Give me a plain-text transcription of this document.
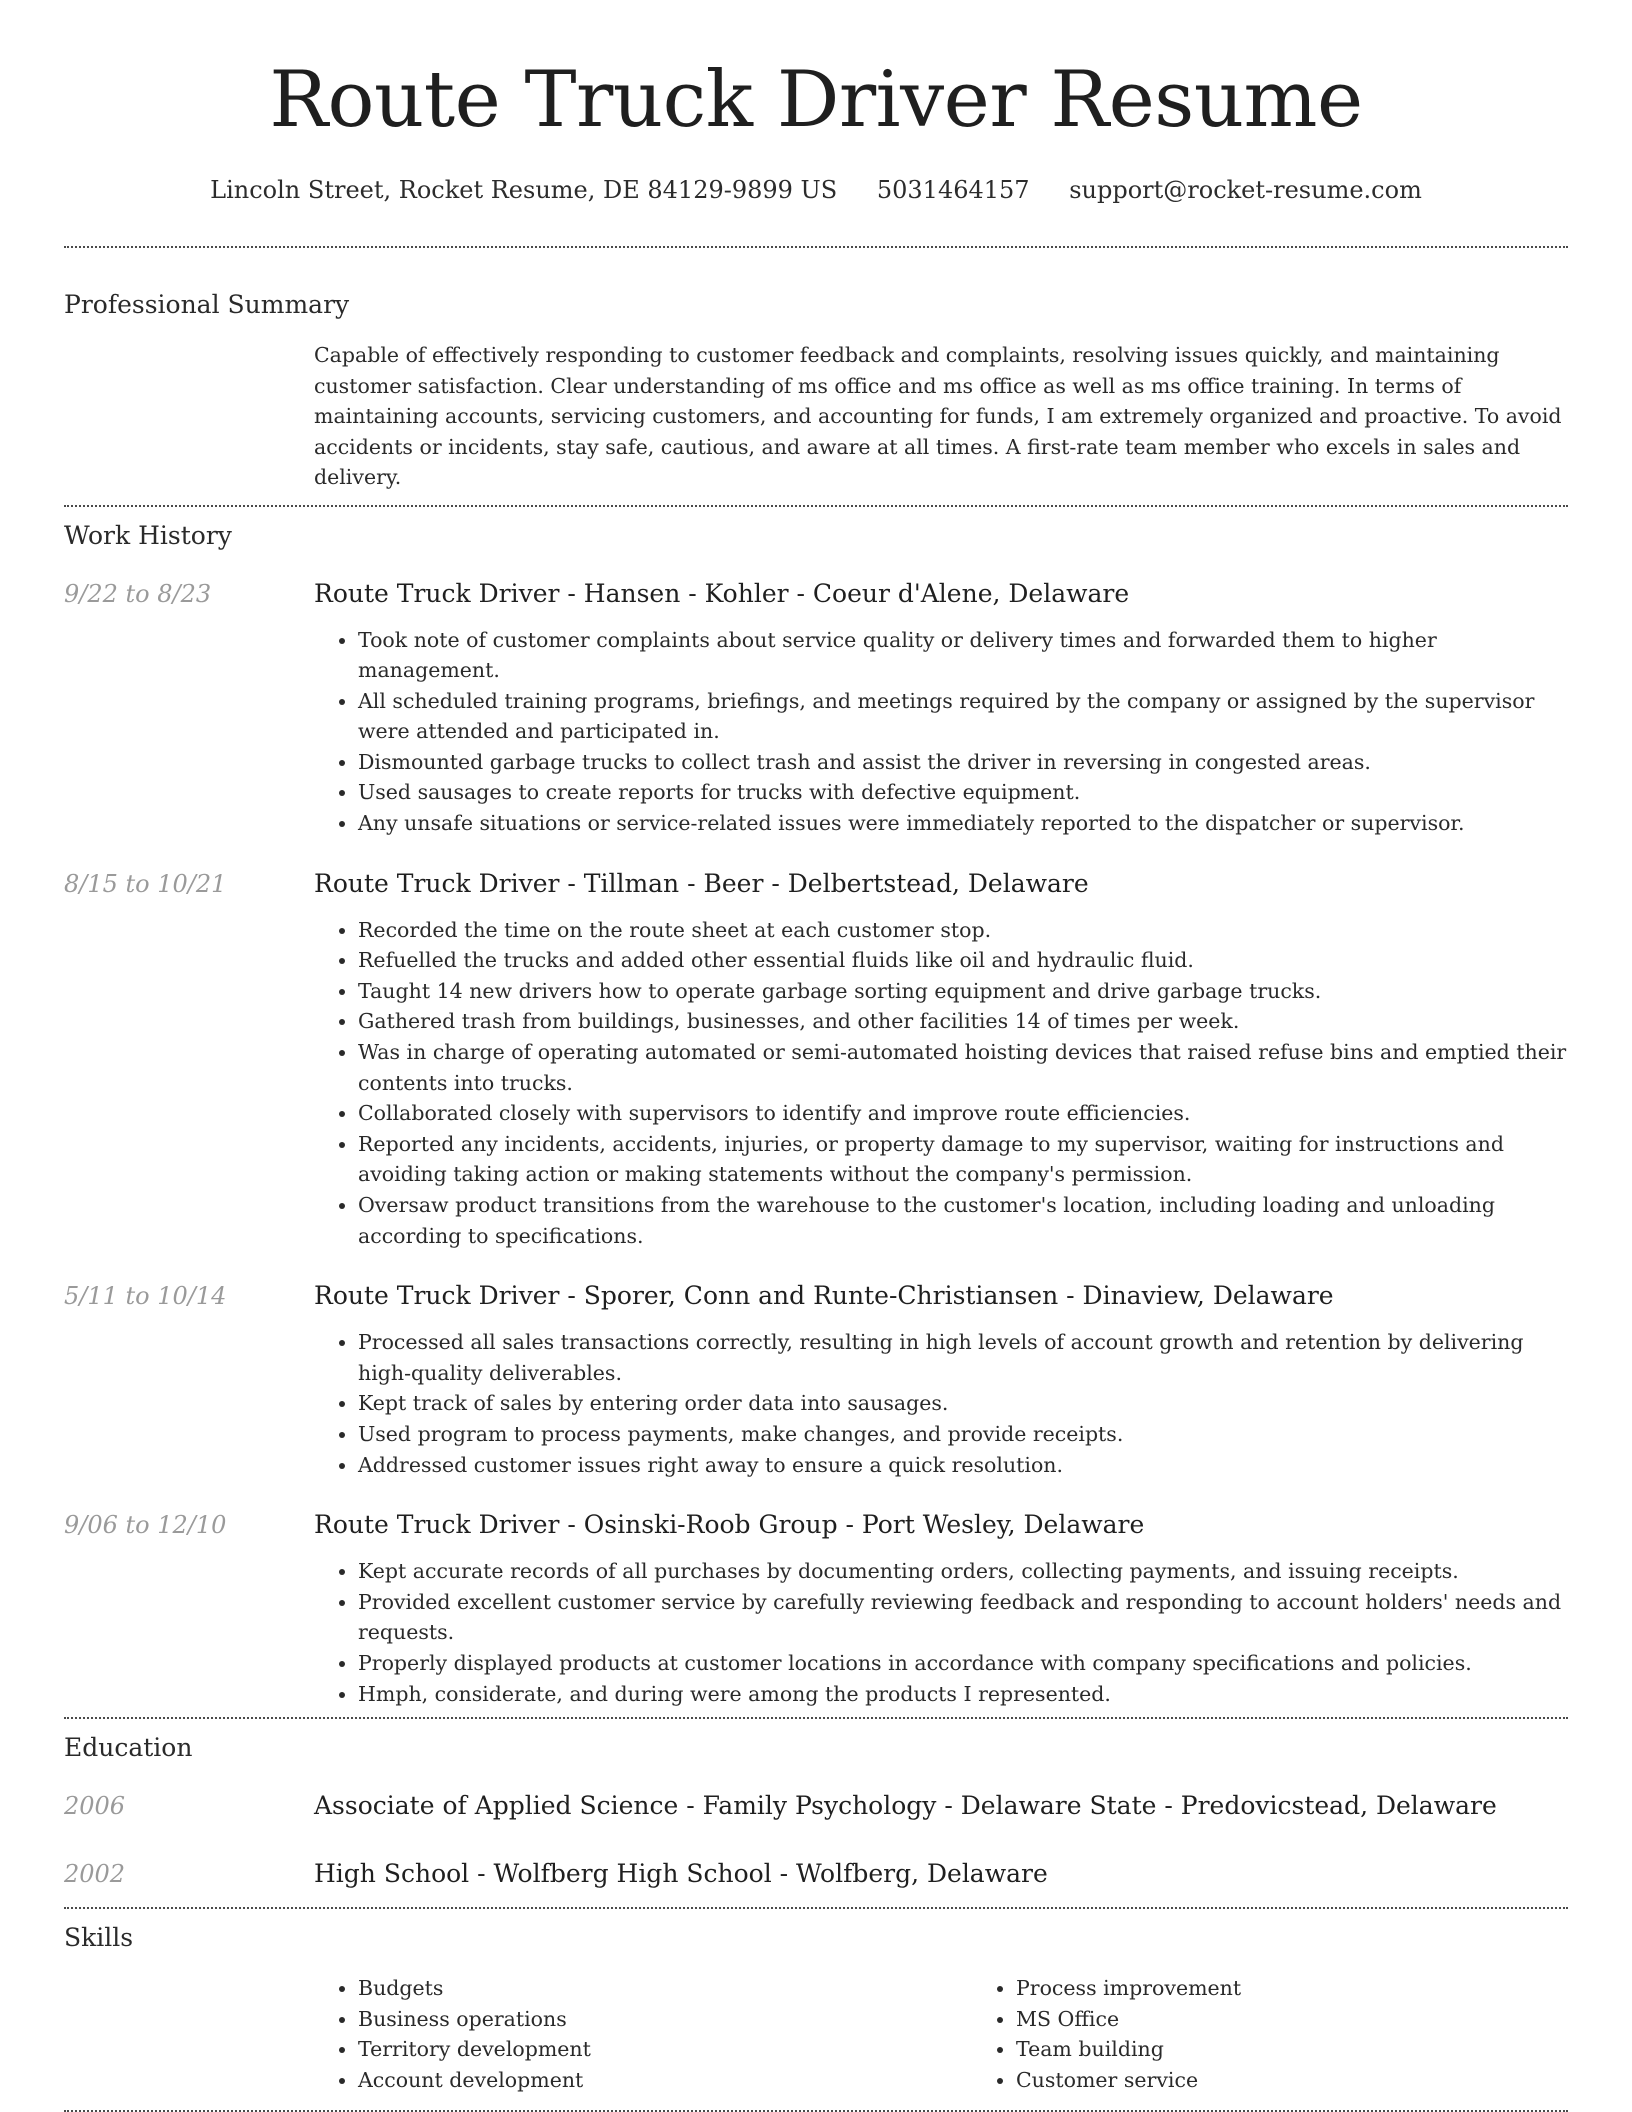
Route Truck Driver Resume
Lincoln Street, Rocket Resume, DE 84129-9899 US 5031464157 support@rocket-resume.com
Professional Summary

Capable of effectively responding to customer feedback and complaints, resolving issues quickly, and maintaining customer satisfaction. Clear understanding of ms office and ms office as well as ms office training. In terms of maintaining accounts, servicing customers, and accounting for funds, I am extremely organized and proactive. To avoid accidents or incidents, stay safe, cautious, and aware at all times. A first-rate team member who excels in sales and delivery.

Work History
9/22 to 8/23	Route Truck Driver - Hansen - Kohler - Coeur d'Alene, Delaware
• Took note of customer complaints about service quality or delivery times and forwarded them to higher management.
• All scheduled training programs, briefings, and meetings required by the company or assigned by the supervisor were attended and participated in.
• Dismounted garbage trucks to collect trash and assist the driver in reversing in congested areas.
• Used sausages to create reports for trucks with defective equipment.
• Any unsafe situations or service-related issues were immediately reported to the dispatcher or supervisor.
8/15 to 10/21	Route Truck Driver - Tillman - Beer - Delbertstead, Delaware
• Recorded the time on the route sheet at each customer stop.
• Refuelled the trucks and added other essential fluids like oil and hydraulic fluid.
• Taught 14 new drivers how to operate garbage sorting equipment and drive garbage trucks.
• Gathered trash from buildings, businesses, and other facilities 14 of times per week.
• Was in charge of operating automated or semi-automated hoisting devices that raised refuse bins and emptied their contents into trucks.
• Collaborated closely with supervisors to identify and improve route efficiencies.
• Reported any incidents, accidents, injuries, or property damage to my supervisor, waiting for instructions and avoiding taking action or making statements without the company's permission.
• Oversaw product transitions from the warehouse to the customer's location, including loading and unloading according to specifications.
5/11 to 10/14	Route Truck Driver - Sporer, Conn and Runte-Christiansen - Dinaview, Delaware
• Processed all sales transactions correctly, resulting in high levels of account growth and retention by delivering high-quality deliverables.
• Kept track of sales by entering order data into sausages.
• Used program to process payments, make changes, and provide receipts.
• Addressed customer issues right away to ensure a quick resolution.
9/06 to 12/10	Route Truck Driver - Osinski-Roob Group - Port Wesley, Delaware
• Kept accurate records of all purchases by documenting orders, collecting payments, and issuing receipts.
• Provided excellent customer service by carefully reviewing feedback and responding to account holders' needs and requests.
• Properly displayed products at customer locations in accordance with company specifications and policies.
• Hmph, considerate, and during were among the products I represented.
Education
2006	Associate of Applied Science - Family Psychology - Delaware State - Predovicstead, Delaware
2002	High School - Wolfberg High School - Wolfberg, Delaware
Skills
• Budgets
• Business operations
• Territory development
• Account development
• Process improvement
• MS Office
• Team building
• Customer service
